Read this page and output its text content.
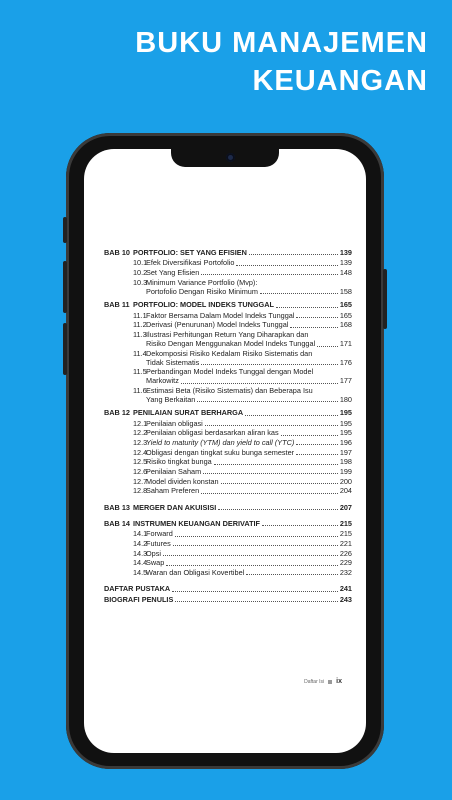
BUKU MANAJEMEN
KEUANGAN
BAB 10 PORTFOLIO: SET YANG EFISIEN	139
10.1Efek Diversifikasi Portofolio	139
10.2Set Yang Efisien	148
10.3Minimum Variance Portfolio (Mvp):
Portofolio Dengan Risiko Minimum	158
BAB 11 PORTFOLIO: MODEL INDEKS TUNGGAL	165
11.1Faktor Bersama Dalam Model Indeks Tunggal	165
11.2Derivasi (Penurunan) Model Indeks Tunggal	168
11.3Ilustrasi Perhitungan Return Yang Diharapkan dan
Risiko Dengan Menggunakan Model Indeks Tunggal	171
11.4Dekomposisi Risiko Kedalam Risiko Sistematis dan
Tidak Sistematis	176
11.5Perbandingan Model Indeks Tunggal dengan Model
Markowitz	177
11.6Estimasi Beta (Risiko Sistematis) dan Beberapa Isu
Yang Berkaitan	180
BAB 12 PENILAIAN SURAT BERHARGA	195
12.1Penilaian obligasi	195
12.2Penilaian obligasi berdasarkan aliran kas	195
12.3Yield to maturity (YTM) dan yield to call (YTC)	196
12.4Obligasi dengan tingkat suku bunga semester	197
12.5Risiko tingkat bunga	198
12.6Penilaian Saham	199
12.7Model dividen konstan	200
12.8Saham Preferen	204
BAB 13 MERGER DAN AKUISISI	207
BAB 14 INSTRUMEN KEUANGAN DERIVATIF	215
14.1Forward	215
14.2Futures	221
14.3Opsi	226
14.4Swap	229
14.5Waran dan Obligasi Kovertibel	232
DAFTAR PUSTAKA	241
BIOGRAFI PENULIS	243
Daftar Isi ix
